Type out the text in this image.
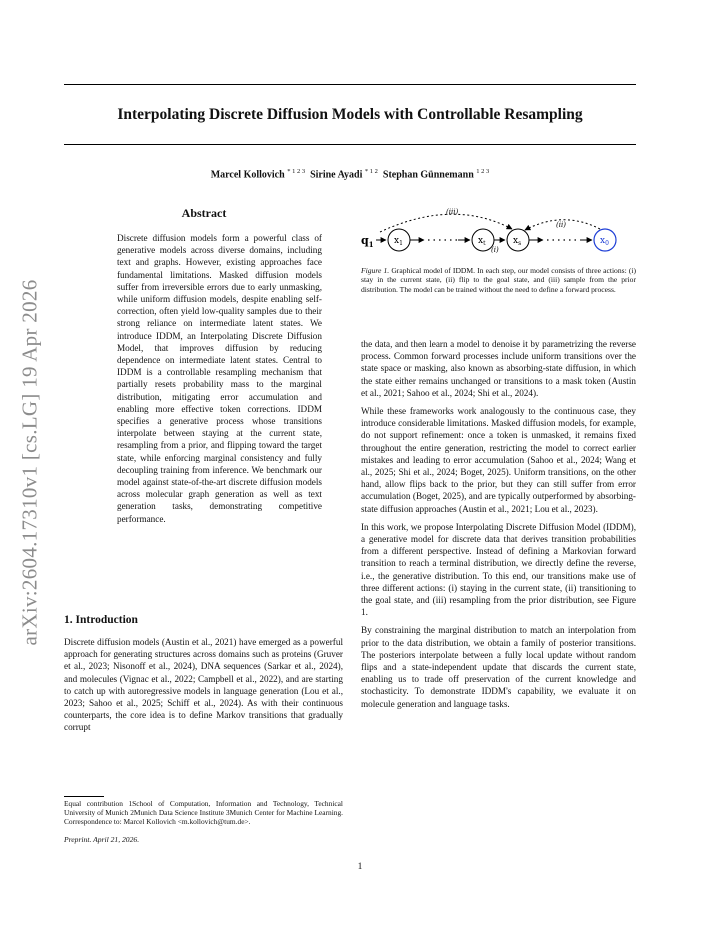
arXiv:2604.17310v1 [cs.LG] 19 Apr 2026
Interpolating Discrete Diffusion Models with Controllable Resampling
Marcel Kollovich $^{* 1 2 3}$ Sirine Ayadi $^{* 1 2}$ Stephan Günnemann $^{1 2 3}$
Abstract
Discrete diffusion models form a powerful class of generative models across diverse domains, including text and graphs. However, existing approaches face fundamental limitations. Masked diffusion models suffer from irreversible errors due to early unmasking, while uniform diffusion models, despite enabling self-correction, often yield low-quality samples due to their strong reliance on intermediate latent states. We introduce IDDM, an Interpolating Discrete Diffusion Model, that improves diffusion by reducing dependence on intermediate latent states. Central to IDDM is a controllable resampling mechanism that partially resets probability mass to the marginal distribution, mitigating error accumulation and enabling more effective token corrections. IDDM specifies a generative process whose transitions interpolate between staying at the current state, resampling from a prior, and flipping toward the target state, while enforcing marginal consistency and fully decoupling training from inference. We benchmark our model against state-of-the-art discrete diffusion models across molecular graph generation as well as text generation tasks, demonstrating competitive performance.
1. Introduction
Discrete diffusion models (Austin et al., 2021) have emerged as a powerful approach for generating structures across domains such as proteins (Gruver et al., 2023; Nisonoff et al., 2024), DNA sequences (Sarkar et al., 2024), and molecules (Vignac et al., 2022; Campbell et al., 2022), and are starting to catch up with autoregressive models in language generation (Lou et al., 2023; Sahoo et al., 2025; Schiff et al., 2024). As with their continuous counterparts, the core idea is to define Markov transitions that gradually corrupt
Equal contribution 1School of Computation, Information and Technology, Technical University of Munich 2Munich Data Science Institute 3Munich Center for Machine Learning. Correspondence to: Marcel Kollovich <m.kollovich@tum.de>.
Preprint. April 21, 2026.
$q_1$ $x_1$	$x_t$
(i)
$x_s$	$x_0$
(iii)
(ii)
Figure 1. Graphical model of IDDM. In each step, our model consists of three actions: (i) stay in the current state, (ii) flip to the goal state, and (iii) sample from the prior distribution. The model can be trained without the need to define a forward process.

the data, and then learn a model to denoise it by parametrizing the reverse process. Common forward processes include uniform transitions over the state space or masking, also known as absorbing-state diffusion, in which the state either remains unchanged or transitions to a mask token (Austin et al., 2021; Sahoo et al., 2024; Shi et al., 2024).

While these frameworks work analogously to the continuous case, they introduce considerable limitations. Masked diffusion models, for example, do not support refinement: once a token is unmasked, it remains fixed throughout the entire generation, restricting the model to correct earlier mistakes and leading to error accumulation (Sahoo et al., 2024; Wang et al., 2025; Shi et al., 2024; Boget, 2025). Uniform transitions, on the other hand, allow flips back to the prior, but they can still suffer from error accumulation (Boget, 2025), and are typically outperformed by absorbing-state diffusion approaches (Austin et al., 2021; Lou et al., 2023).

In this work, we propose Interpolating Discrete Diffusion Model (IDDM), a generative model for discrete data that derives transition probabilities from a different perspective. Instead of defining a Markovian forward transition to reach a terminal distribution, we directly define the reverse, i.e., the generative distribution. To this end, our transitions make use of three different actions: (i) staying in the current state, (ii) transitioning to the goal state, and (iii) resampling from the prior distribution, see Figure 1.

By constraining the marginal distribution to match an interpolation from prior to the data distribution, we obtain a family of posterior transitions. The posteriors interpolate between a fully local update without random flips and a state-independent update that discards the current state, enabling us to trade off preservation of the current knowledge and stochasticity. To demonstrate IDDM's capability, we evaluate it on molecule generation and language tasks.

1
